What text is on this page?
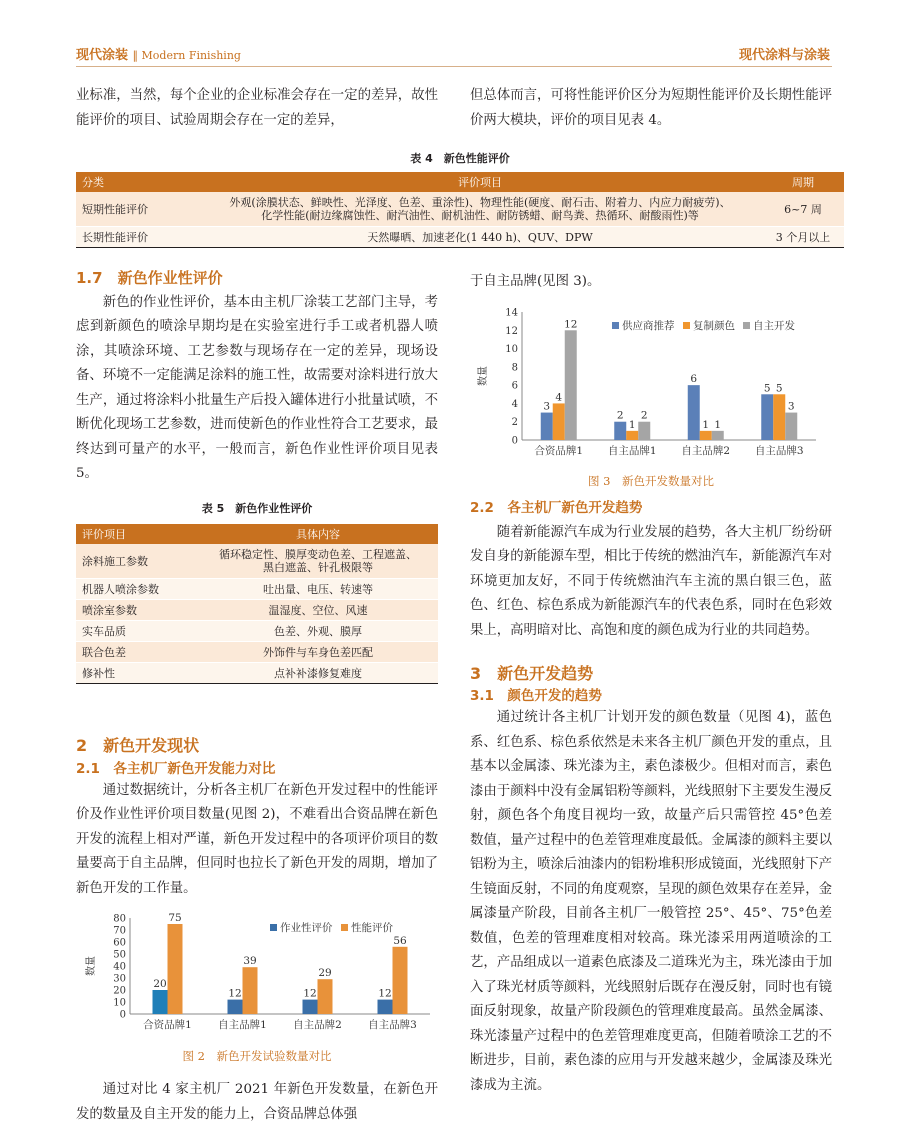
现代涂装 ‖ Modern Finishing	现代涂料与涂装

业标准，当然，每个企业的企业标准会存在一定的差异，故性能评价的项目、试验周期会存在一定的差异，

但总体而言，可将性能评价区分为短期性能评价及长期性能评价两大模块，评价的项目见表 4。

表 4　新色性能评价
分类	评价项目	周期
短期性能评价	外观(涂膜状态、鲜映性、光泽度、色差、重涂性)、物理性能(硬度、耐石击、附着力、内应力耐疲劳)、
化学性能(耐边缘腐蚀性、耐汽油性、耐机油性、耐防锈蜡、耐鸟粪、热循环、耐酸雨性)等	6~7 周
长期性能评价	天然曝晒、加速老化(1 440 h)、QUV、DPW	3 个月以上

1.7　新色作业性评价

新色的作业性评价，基本由主机厂涂装工艺部门主导，考虑到新颜色的喷涂早期均是在实验室进行手工或者机器人喷涂，其喷涂环境、工艺参数与现场存在一定的差异，现场设备、环境不一定能满足涂料的施工性，故需要对涂料进行放大生产，通过将涂料小批量生产后投入罐体进行小批量试喷，不断优化现场工艺参数，进而使新色的作业性符合工艺要求，最终达到可量产的水平，一般而言，新色作业性评价项目见表 5。

表 5　新色作业性评价
评价项目	具体内容
涂料施工参数	循环稳定性、膜厚变动色差、工程遮盖、
黑白遮盖、针孔极限等

机器人喷涂参数	吐出量、电压、转速等
喷涂室参数	温湿度、空位、风速
实车品质	色差、外观、膜厚
联合色差	外饰件与车身色差匹配
修补性	点补补漆修复难度

2　新色开发现状

2.1　各主机厂新色开发能力对比

通过数据统计，分析各主机厂在新色开发过程中的性能评价及作业性评价项目数量(见图 2)，不难看出合资品牌在新色开发的流程上相对严谨，新色开发过程中的各项评价项目的数量要高于自主品牌，但同时也拉长了新色开发的周期，增加了新色开发的工作量。

0
10
20
30
40
50
60
70
80
数量
合资品牌1
20
75
自主品牌1
12
39
自主品牌2
12
29
自主品牌3
12
56
作业性评价 性能评价
图 2　新色开发试验数量对比

通过对比 4 家主机厂 2021 年新色开发数量，在新色开发的数量及自主开发的能力上，合资品牌总体强

于自主品牌(见图 3)。

0
2
4
6
8
10
12
14
数量
合资品牌1
3
4
12
自主品牌1
2
1
2
自主品牌2
6
1 1
自主品牌3
5 5
3
供应商推荐 复制颜色 自主开发
图 3　新色开发数量对比

2.2　各主机厂新色开发趋势

随着新能源汽车成为行业发展的趋势，各大主机厂纷纷研发自身的新能源车型，相比于传统的燃油汽车，新能源汽车对环境更加友好，不同于传统燃油汽车主流的黑白银三色，蓝色、红色、棕色系成为新能源汽车的代表色系，同时在色彩效果上，高明暗对比、高饱和度的颜色成为行业的共同趋势。

3　新色开发趋势

3.1　颜色开发的趋势

通过统计各主机厂计划开发的颜色数量（见图 4)，蓝色系、红色系、棕色系依然是未来各主机厂颜色开发的重点，且基本以金属漆、珠光漆为主，素色漆极少。但相对而言，素色漆由于颜料中没有金属铝粉等颜料，光线照射下主要发生漫反射，颜色各个角度目视均一致，故量产后只需管控 45°色差数值，量产过程中的色差管理难度最低。金属漆的颜料主要以铝粉为主，喷涂后油漆内的铝粉堆积形成镜面，光线照射下产生镜面反射，不同的角度观察，呈现的颜色效果存在差异，金属漆量产阶段，目前各主机厂一般管控 25°、45°、75°色差数值，色差的管理难度相对较高。珠光漆采用两道喷涂的工艺，产品组成以一道素色底漆及二道珠光为主，珠光漆由于加入了珠光材质等颜料，光线照射后既存在漫反射，同时也有镜面反射现象，故量产阶段颜色的管理难度最高。虽然金属漆、珠光漆量产过程中的色差管理难度更高，但随着喷涂工艺的不断进步，目前，素色漆的应用与开发越来越少，金属漆及珠光漆成为主流。
